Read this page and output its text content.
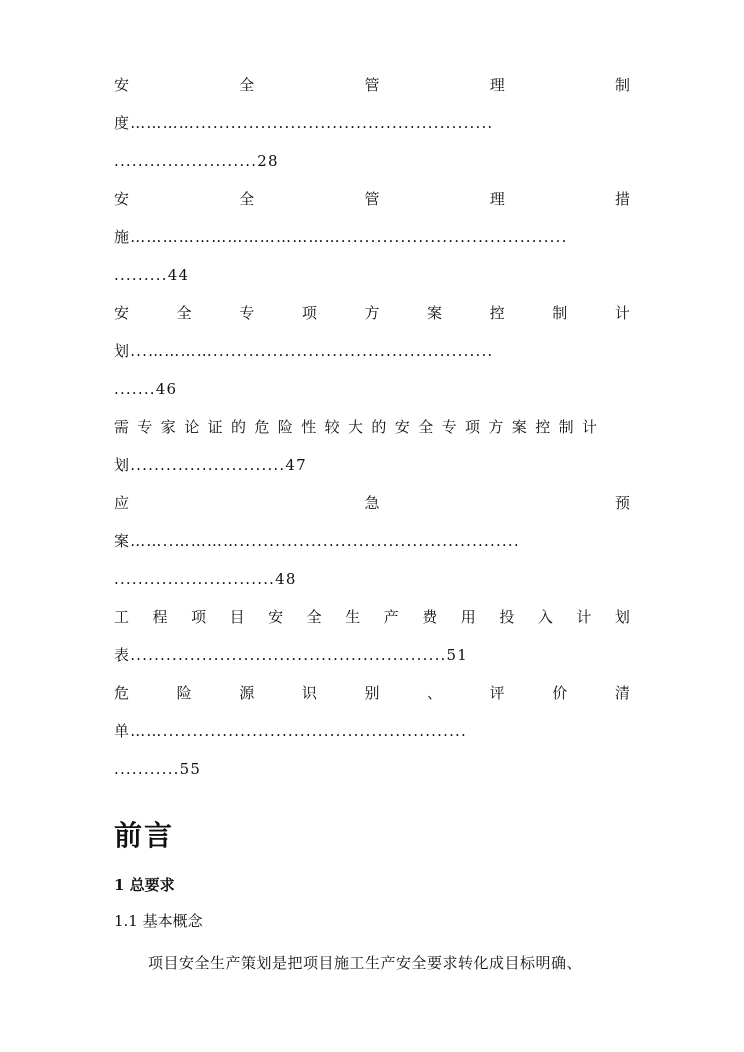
安	全	管	理	制
度…………..................................................
........................28
安	全	管	理	措
施…………………………………......................................
.........44
安	全	专	项	方	案	控	制	计
划...…………...............................................
.......46
需专家论证的危险性较大的安全专项方案控制计
划..........................47
应	急	预
案……..…………...............................................
...........................48
工 程 项 目 安 全 生 产 费 用 投 入 计 划
表.....................................................51
危	险	源	识	别	、	评	价	清
单……...................................................
...........55
前言
1 总要求
1.1 基本概念
项目安全生产策划是把项目施工生产安全要求转化成目标明确、
